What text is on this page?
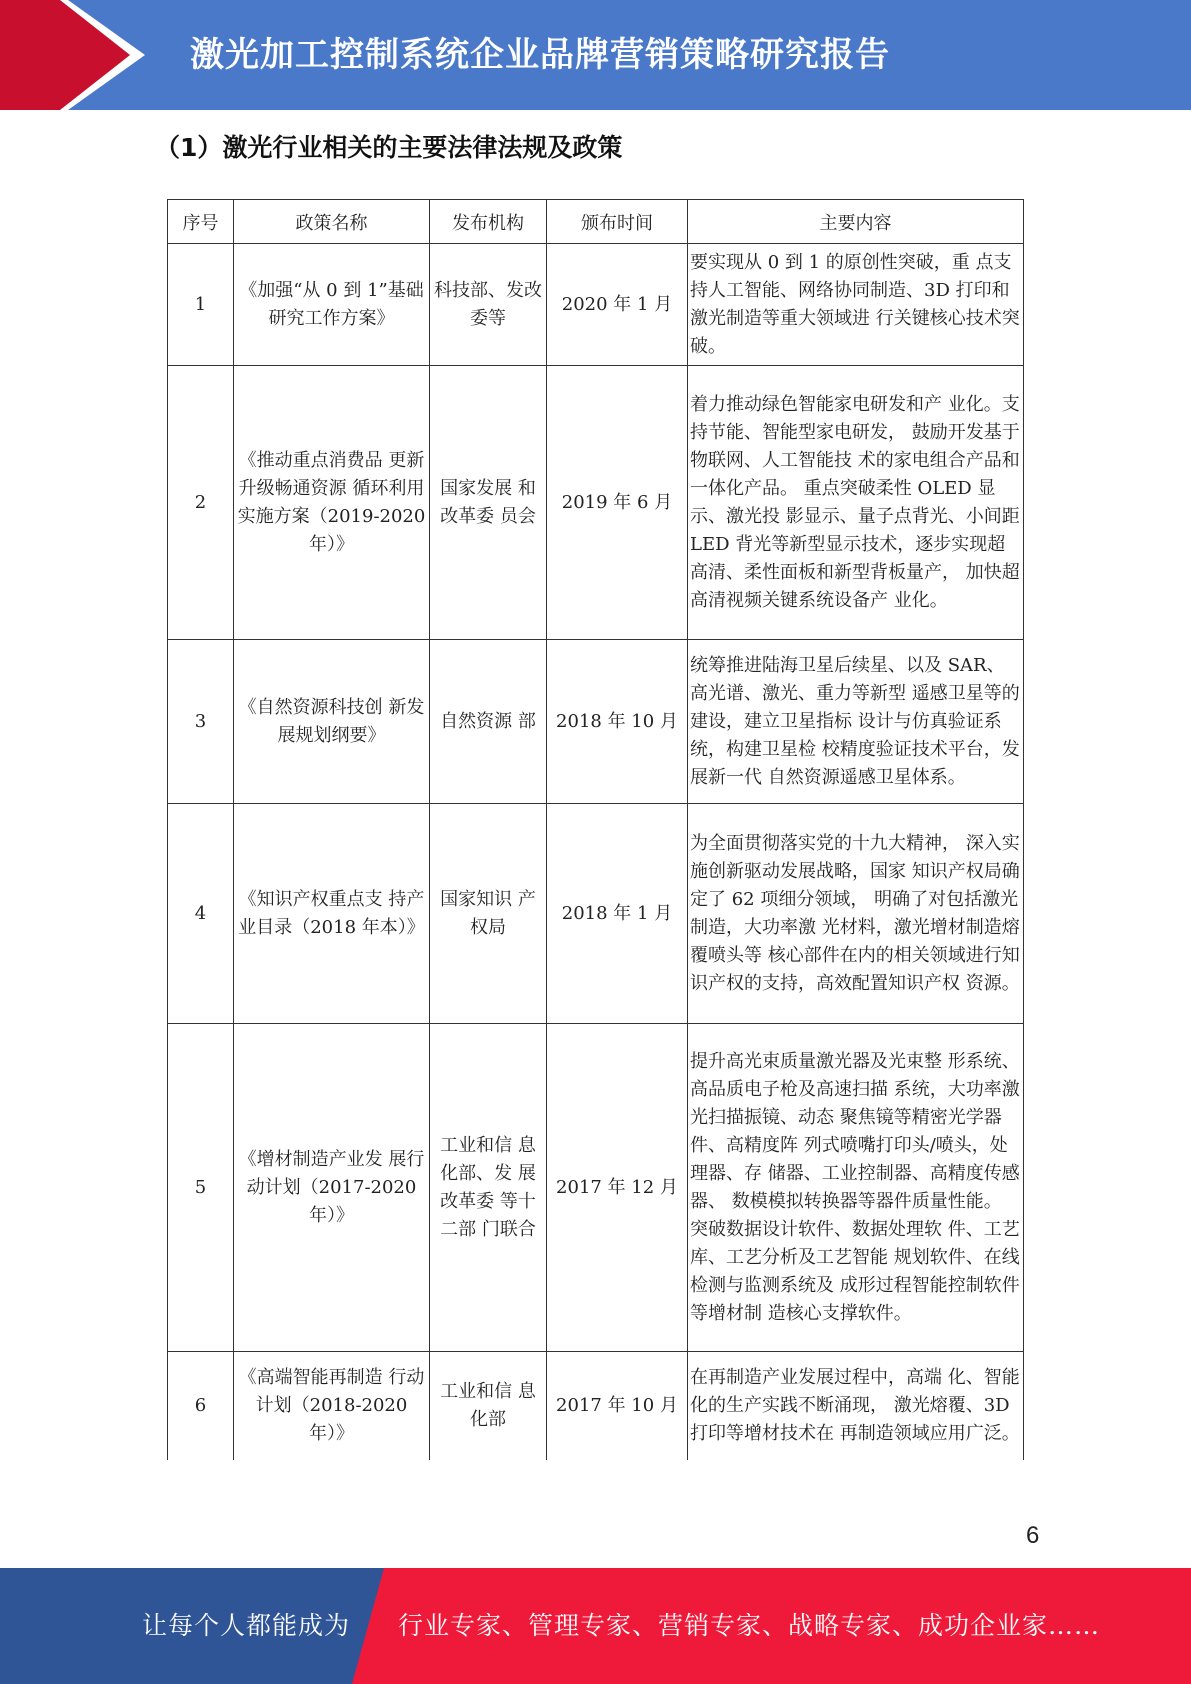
激光加工控制系统企业品牌营销策略研究报告
（1）激光行业相关的主要法律法规及政策
序号	政策名称	发布机构	颁布时间	主要内容
1	《加强“从 0 到 1”基础研究工作方案》	科技部、发改委等	2020 年 1 月	要实现从 0 到 1 的原创性突破，重 点支持人工智能、网络协同制造、3D 打印和激光制造等重大领域进 行关键核心技术突破。
2	《推动重点消费品 更新升级畅通资源 循环利用实施方案（2019-2020 年）》	国家发展 和改革委 员会	2019 年 6 月	着力推动绿色智能家电研发和产 业化。支持节能、智能型家电研发， 鼓励开发基于物联网、人工智能技 术的家电组合产品和一体化产品。 重点突破柔性 OLED 显示、激光投 影显示、量子点背光、小间距 LED 背光等新型显示技术，逐步实现超 高清、柔性面板和新型背板量产， 加快超高清视频关键系统设备产 业化。
3	《自然资源科技创 新发展规划纲要》	自然资源 部	2018 年 10 月	统筹推进陆海卫星后续星、以及 SAR、高光谱、激光、重力等新型 遥感卫星等的建设，建立卫星指标 设计与仿真验证系统，构建卫星检 校精度验证技术平台，发展新一代 自然资源遥感卫星体系。
4	《知识产权重点支 持产业目录（2018 年本）》	国家知识 产权局	2018 年 1 月	为全面贯彻落实党的十九大精神， 深入实施创新驱动发展战略，国家 知识产权局确定了 62 项细分领域， 明确了对包括激光制造，大功率激 光材料，激光增材制造熔覆喷头等 核心部件在内的相关领域进行知 识产权的支持，高效配置知识产权 资源。
5	《增材制造产业发 展行动计划（2017-2020 年）》	工业和信 息化部、发 展改革委 等十二部 门联合	2017 年 12 月	提升高光束质量激光器及光束整 形系统、高品质电子枪及高速扫描 系统，大功率激光扫描振镜、动态 聚焦镜等精密光学器件、高精度阵 列式喷嘴打印头/喷头，处理器、存 储器、工业控制器、高精度传感器、 数模模拟转换器等器件质量性能。 突破数据设计软件、数据处理软 件、工艺库、工艺分析及工艺智能 规划软件、在线检测与监测系统及 成形过程智能控制软件等增材制 造核心支撑软件。
6	《高端智能再制造 行动计划（2018-2020 年）》	工业和信 息化部	2017 年 10 月	在再制造产业发展过程中，高端 化、智能化的生产实践不断涌现， 激光熔覆、3D 打印等增材技术在 再制造领域应用广泛。
6
让每个人都能成为 行业专家、管理专家、营销专家、战略专家、成功企业家……
